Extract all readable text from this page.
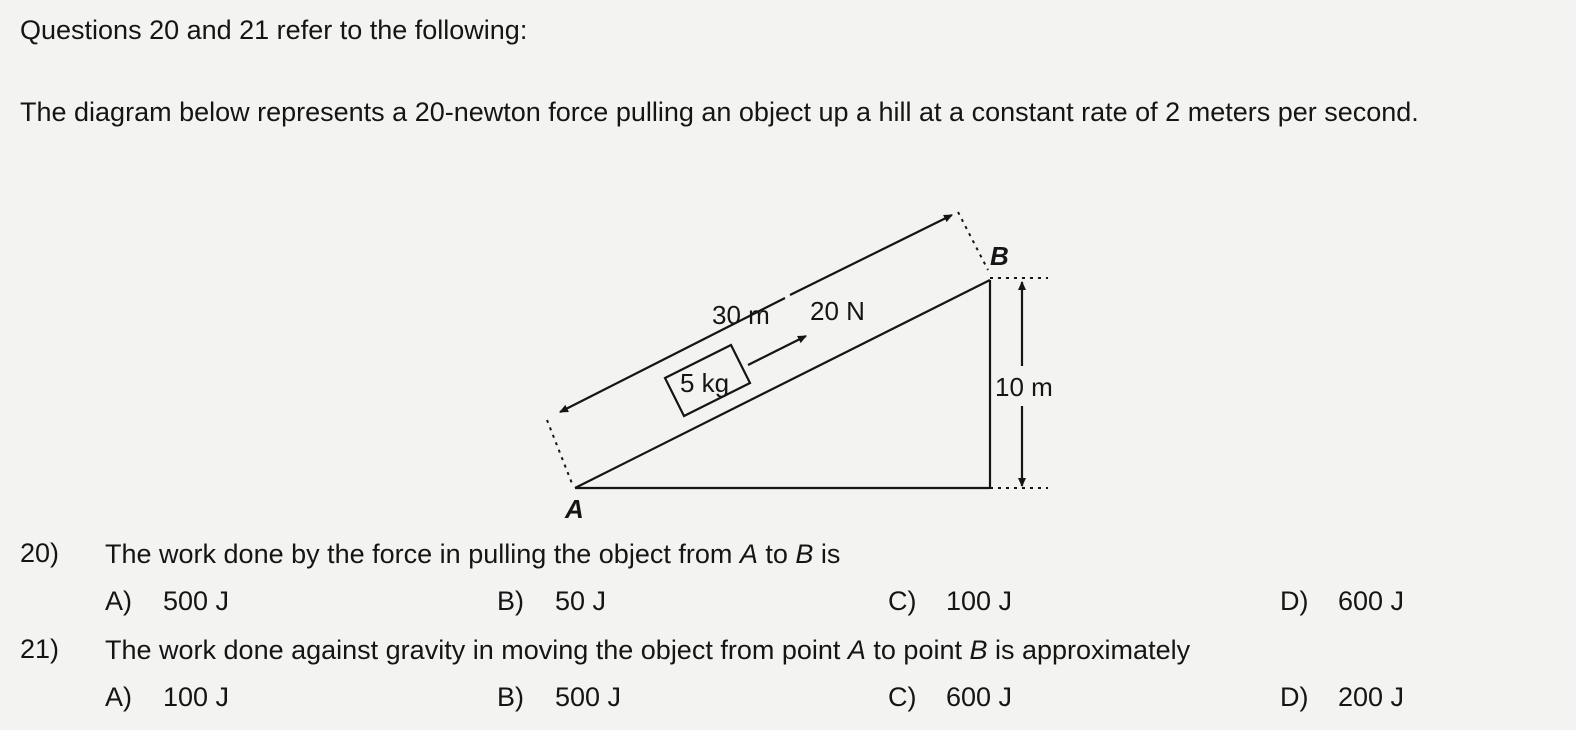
Questions 20 and 21 refer to the following:
The diagram below represents a 20-newton force pulling an object up a hill at a constant rate of 2 meters per second.
30 m 20 N
5 kg	10 m
A
B
20) The work done by the force in pulling the object from A to B is
A) 500 J	B) 50 J	C) 100 J	D) 600 J
21) The work done against gravity in moving the object from point A to point B is approximately
A) 100 J	B) 500 J	C) 600 J	D) 200 J
